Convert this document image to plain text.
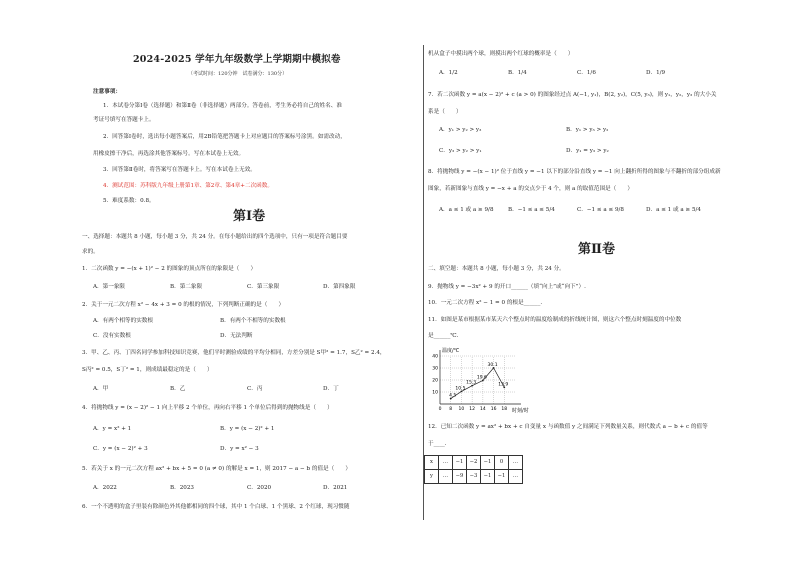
2024-2025 学年九年级数学上学期期中模拟卷
（考试时间：120分钟　试卷满分：130分）
注意事项：
1．本试卷分第Ⅰ卷（选择题）和第Ⅱ卷（非选择题）两部分。答卷前，考生务必将自己的姓名、准
考证号填写在答题卡上。
2．回答第Ⅰ卷时，选出每小题答案后，用2B铅笔把答题卡上对应题目的答案标号涂黑。如需改动，
用橡皮擦干净后，再选涂其他答案标号。写在本试卷上无效。
3．回答第Ⅱ卷时，将答案写在答题卡上。写在本试卷上无效。
4．测试范围：苏科版九年级上册第1章、第2章、第4章+二次函数。
5．难度系数：0.8。
第Ⅰ卷
一、选择题：本题共 8 小题，每小题 3 分，共 24 分。在每小题给出的四个选项中，只有一项是符合题目要
求的。
1．二次函数 y = −(x + 1)² − 2 的图象的顶点所在的象限是（　　）
A．第一象限	B．第二象限	C．第三象限	D．第四象限
2．关于一元二次方程 x² − 4x + 3 = 0 的根的情况，下列判断正确的是（　　）
A．有两个相等的实数根	B．有两个不相等的实数根
C．没有实数根	D．无法判断
3．甲、乙、丙、丁四名同学参加科技知识竞赛，他们平时测验成绩的平均分相同，方差分别是 S甲² = 1.7，S乙² = 2.4，
S丙² = 0.5，S丁² = 1，则成绩最稳定的是（　　）
A．甲	B．乙	C．丙	D．丁
4．将抛物线 y = (x − 2)² − 1 向上平移 2 个单位，再向右平移 1 个单位后得到的抛物线是（　　）
A．y = x² + 1	B．y = (x − 2)² + 1
C．y = (x − 2)² + 3	D．y = x² − 3
5．若关于 x 的一元二次方程 ax² + bx + 5 = 0 (a ≠ 0) 的解是 x = 1，则 2017 − a − b 的值是（　　）
A．2022	B．2023	C．2020	D．2021
6．一个不透明的盒子里装有除颜色外其他都相同的四个球，其中 1 个白球、1 个黑球、2 个红球，现习惯随
机从盒子中摸出两个球，则摸出两个红球的概率是（　　）
A．1/2	B．1/4	C．1/6	D．1/9
7．若二次函数 y = a(x − 2)² + c (a > 0) 的图象经过点 A(−1, y₁)，B(2, y₂)，C(5, y₃)，则 y₁，y₂，y₃ 的大小关
系是（　　）
A．y₁ > y₂ > y₃	B．y₁ > y₃ > y₂
C．y₃ > y₂ > y₁	D．y₁ = y₃ > y₂
8．将抛物线 y = −(x − 1)² 位于直线 y = −1 以下的部分沿直线 y = −1 向上翻折所得的图象与不翻折的部分组成新
图象，若新图象与直线 y = −x + a 的交点少于 4 个，则 a 的取值范围是（　　）
A．a ≤ 1 或 a ≥ 9/8	B．−1 ≤ a ≤ 5/4	C．−1 ≤ a ≤ 9/8	D．a ≤ 1 或 a ≥ 5/4
第Ⅱ卷
二、填空题：本题共 8 小题，每小题 3 分，共 24 分。
9．抛物线 y = −3x² + 9 的开口______（填“向上”或“向下”）.
10．一元二次方程 x² − 1 = 0 的根是______.
11．如图是某市根据某市某天六个整点时的温度绘制成的折线统计图，则这六个整点时刻温度的中位数
是______℃.
10
20
30
40
0 8 10 12 14 16 18
4.5
10.5
15.3
19.6
30.1
13.9
温度/℃
时刻/时
12．已知二次函数 y = ax² + bx + c 自变量 x 与函数值 y 之间满足下列数量关系，则代数式 a − b + c 的值等
于____.
x	…	−1	−2	−1	0	…
y	…	−9	−3	−1	−1	…
